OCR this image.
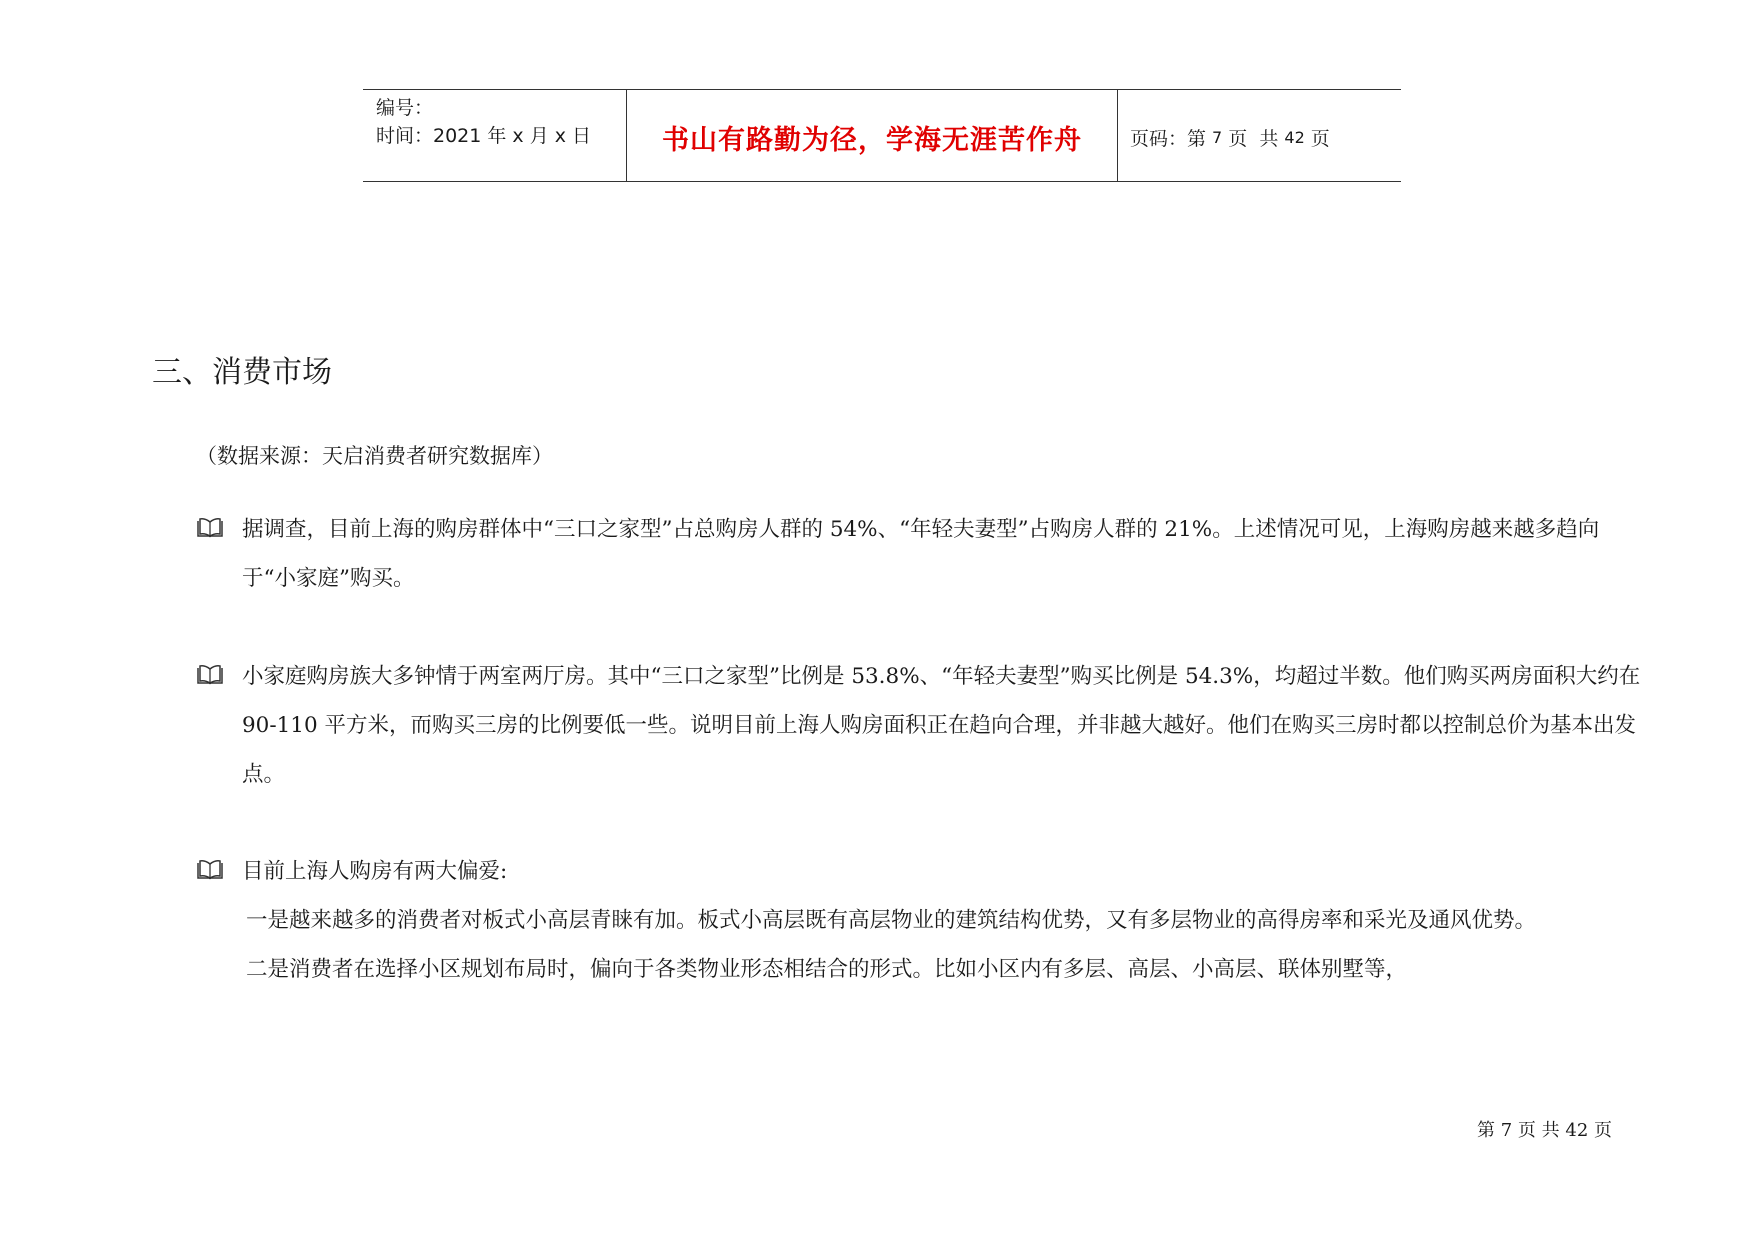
编号：
时间：2021 年 x 月 x 日	书山有路勤为径，学海无涯苦作舟	页码：第 7 页  共 42 页
三、消费市场
（数据来源：天启消费者研究数据库）
据调查，目前上海的购房群体中“三口之家型”占总购房人群的 54%、“年轻夫妻型”占购房人群的 21%。上述情况可见，上海购房越来越多趋向于“小家庭”购买。
小家庭购房族大多钟情于两室两厅房。其中“三口之家型”比例是 53.8%、“年轻夫妻型”购买比例是 54.3%，均超过半数。他们购买两房面积大约在 90-110 平方米，而购买三房的比例要低一些。说明目前上海人购房面积正在趋向合理，并非越大越好。他们在购买三房时都以控制总价为基本出发点。
目前上海人购房有两大偏爱:
一是越来越多的消费者对板式小高层青睐有加。板式小高层既有高层物业的建筑结构优势，又有多层物业的高得房率和采光及通风优势。
二是消费者在选择小区规划布局时，偏向于各类物业形态相结合的形式。比如小区内有多层、高层、小高层、联体别墅等，
第 7 页 共 42 页
